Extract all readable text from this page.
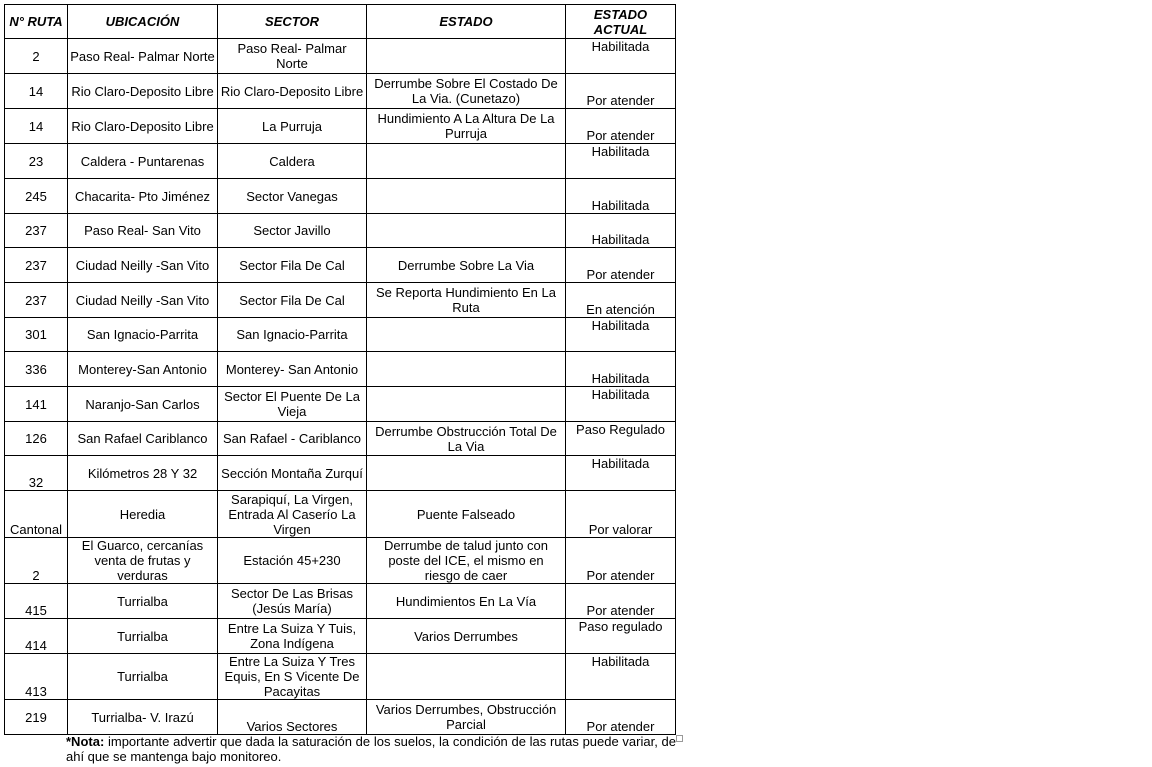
N° RUTA	UBICACIÓN	SECTOR	ESTADO	ESTADO ACTUAL
2	Paso Real- Palmar Norte	Paso Real- Palmar Norte		Habilitada
14	Rio Claro-Deposito Libre	Rio Claro-Deposito Libre	Derrumbe Sobre El Costado De La Via. (Cunetazo)	Por atender
14	Rio Claro-Deposito Libre	La Purruja	Hundimiento A La Altura De La Purruja	Por atender
23	Caldera - Puntarenas	Caldera		Habilitada
245	Chacarita- Pto Jiménez	Sector Vanegas		Habilitada
237	Paso Real- San Vito	Sector Javillo		Habilitada
237	Ciudad Neilly -San Vito	Sector Fila De Cal	Derrumbe Sobre La Via	Por atender
237	Ciudad Neilly -San Vito	Sector Fila De Cal	Se Reporta Hundimiento En La Ruta	En atención
301	San Ignacio-Parrita	San Ignacio-Parrita		Habilitada
336	Monterey-San Antonio	Monterey- San Antonio		Habilitada
141	Naranjo-San Carlos	Sector El Puente De La Vieja		Habilitada
126	San Rafael Cariblanco	San Rafael - Cariblanco	Derrumbe Obstrucción Total De La Via	Paso Regulado
32	Kilómetros 28 Y 32	Sección Montaña Zurquí		Habilitada
Cantonal	Heredia	Sarapiquí, La Virgen, Entrada Al Caserío La Virgen	Puente Falseado	Por valorar
2	El Guarco, cercanías venta de frutas y verduras	Estación 45+230	Derrumbe de talud junto con poste del ICE, el mismo en riesgo de caer	Por atender
415	Turrialba	Sector De Las Brisas (Jesús María)	Hundimientos En La Vía	Por atender
414	Turrialba	Entre La Suiza Y Tuis, Zona Indígena	Varios Derrumbes	Paso regulado
413	Turrialba	Entre La Suiza Y Tres Equis, En S Vicente De Pacayitas		Habilitada
219	Turrialba- V. Irazú	Varios Sectores	Varios Derrumbes, Obstrucción Parcial	Por atender
*Nota: importante advertir que dada la saturación de los suelos, la condición de las rutas puede variar, de ahí que se mantenga bajo monitoreo.
